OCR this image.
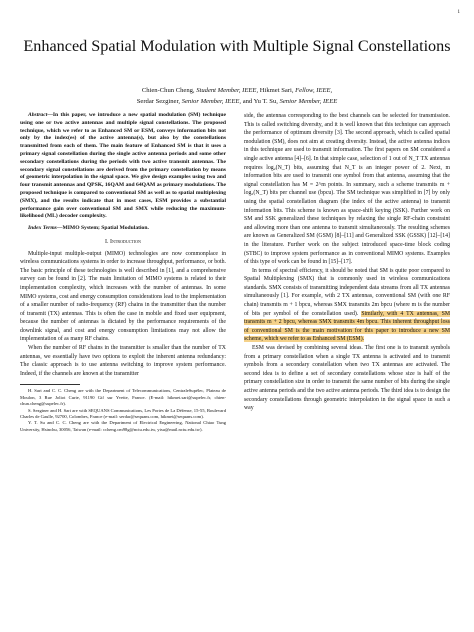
1
Enhanced Spatial Modulation with Multiple Signal Constellations
Chien-Chun Cheng, Student Member, IEEE, Hikmet Sari, Fellow, IEEE,
Serdar Sezginer, Senior Member, IEEE, and Yu T. Su, Senior Member, IEEE

Abstract—In this paper, we introduce a new spatial modulation (SM) technique using one or two active antennas and multiple signal constellations. The proposed technique, which we refer to as Enhanced SM or ESM, conveys information bits not only by the index(es) of the active antenna(s), but also by the constellations transmitted from each of them. The main feature of Enhanced SM is that it uses a primary signal constellation during the single active antenna periods and some other secondary constellations during the periods with two active transmit antennas. The secondary signal constellations are derived from the primary constellation by means of geometric interpolation in the signal space. We give design examples using two and four transmit antennas and QPSK, 16QAM and 64QAM as primary modulations. The proposed technique is compared to conventional SM as well as to spatial multiplexing (SMX), and the results indicate that in most cases, ESM provides a substantial performance gain over conventional SM and SMX while reducing the maximum-likelihood (ML) decoder complexity.

Index Terms—MIMO System; Spatial Modulation.

I. Introduction

Multiple-input multiple-output (MIMO) technologies are now commonplace in wireless communications systems in order to increase throughput, performance, or both. The basic principle of these technologies is well described in [1], and a comprehensive survey can be found in [2]. The main limitation of MIMO systems is related to their implementation complexity, which increases with the number of antennas. In some MIMO systems, cost and energy consumption considerations lead to the implementation of a smaller number of radio-frequency (RF) chains in the transmitter than the number of transmit (TX) antennas. This is often the case in mobile and fixed user equipment, because the number of antennas is dictated by the performance requirements of the downlink signal, and cost and energy consumption limitations may not allow the implementation of as many RF chains.

When the number of RF chains in the transmitter is smaller than the number of TX antennas, we essentially have two options to exploit the inherent antenna redundancy: The classic approach is to use antenna switching to improve system performance. Indeed, if the channels are known at the transmitter

H. Sari and C. C. Cheng are with the Department of Telecommunications, CentraleSupélec, Plateau de Moulon, 3 Rue Joliot Curie, 91190 Gif sur Yvette, France. (E-mail: hikmet.sari@supelec.fr, chien-chun.cheng@supelec.fr).

S. Sezginer and H. Sari are with SEQUANS Communications, Les Portes de La Défense, 15-55, Boulevard Charles de Gaulle, 92700, Colombes, France (e-mail: serdar@sequans.com, hikmet@sequans.com).

Y. T. Su and C. C. Cheng are with the Department of Electrical Engineering, National Chiao Tung University, Hsinchu, 30056, Taiwan (e-mail: ccheng.cm98g@nctu.edu.tw, ytsu@mail.nctu.edu.tw).

side, the antennas corresponding to the best channels can be selected for transmission. This is called switching diversity, and it is well known that this technique can approach the performance of optimum diversity [3]. The second approach, which is called spatial modulation (SM), does not aim at creating diversity. Instead, the active antenna indices in this technique are used to transmit information. The first papers on SM considered a single active antenna [4]–[6]. In that simple case, selection of 1 out of N_T TX antennas requires log₂(N_T) bits, assuming that N_T is an integer power of 2. Next, m information bits are used to transmit one symbol from that antenna, assuming that the signal constellation has M = 2^m points. In summary, such a scheme transmits m + log₂(N_T) bits per channel use (bpcu). The SM technique was simplified in [7] by only using the spatial constellation diagram (the index of the active antenna) to transmit information bits. This scheme is known as space-shift keying (SSK). Further work on SM and SSK generalized these techniques by relaxing the single RF-chain constraint and allowing more than one antenna to transmit simultaneously. The resulting schemes are known as Generalized SM (GSM) [8]–[11] and Generalized SSK (GSSK) [12]–[14] in the literature. Further work on the subject introduced space-time block coding (STBC) to improve system performance as in conventional MIMO systems. Examples of this type of work can be found in [15]–[17].

In terms of spectral efficiency, it should be noted that SM is quite poor compared to Spatial Multiplexing (SMX) that is commonly used in wireless communications standards. SMX consists of transmitting independent data streams from all TX antennas simultaneously [1]. For example, with 2 TX antennas, conventional SM (with one RF chain) transmits m + 1 bpcu, whereas SMX transmits 2m bpcu (where m is the number of bits per symbol of the constellation used). Similarly, with 4 TX antennas, SM transmits m + 2 bpcu, whereas SMX transmits 4m bpcu. This inherent throughput loss of conventional SM is the main motivation for this paper to introduce a new SM scheme, which we refer to as Enhanced SM (ESM).

ESM was devised by combining several ideas. The first one is to transmit symbols from a primary constellation when a single TX antenna is activated and to transmit symbols from a secondary constellation when two TX antennas are activated. The second idea is to define a set of secondary constellations whose size is half of the primary constellation size in order to transmit the same number of bits during the single active antenna periods and the two active antenna periods. The third idea is to design the secondary constellations through geometric interpolation in the signal space in such a way
